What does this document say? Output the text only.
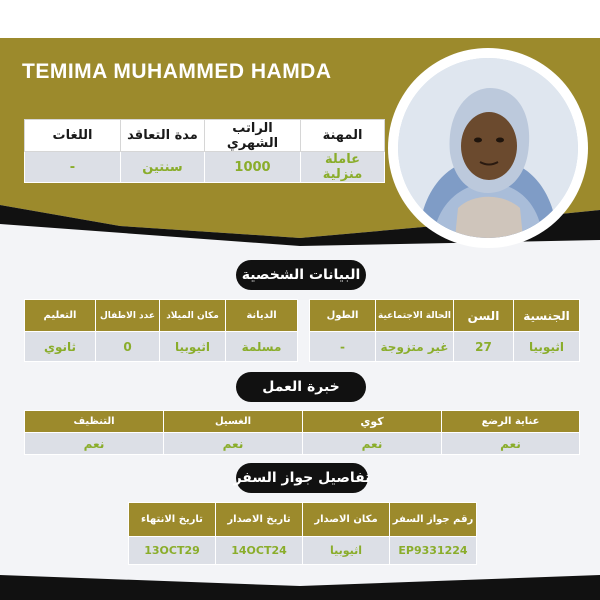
TEMIMA MUHAMMED HAMDA
المهنة	الراتب الشهري	مدة التعاقد	اللغات
عاملة منزلية	1000	سنتين	-
البيانات الشخصية
الجنسية	السن	الحالة الاجتماعية	الطول
اثيوبيا	27	غير متزوجة	-
الديانة	مكان الميلاد	عدد الاطفال	التعليم
مسلمة	اثيوبيا	0	ثانوي
خبرة العمل
عناية الرضع	كوي	الغسيل	التنظيف
نعم	نعم	نعم	نعم
تفاصيل جواز السفر
رقم جواز السفر	مكان الاصدار	تاريخ الاصدار	تاريخ الانتهاء
EP9331224	اثيوبيا	14OCT24	13OCT29
